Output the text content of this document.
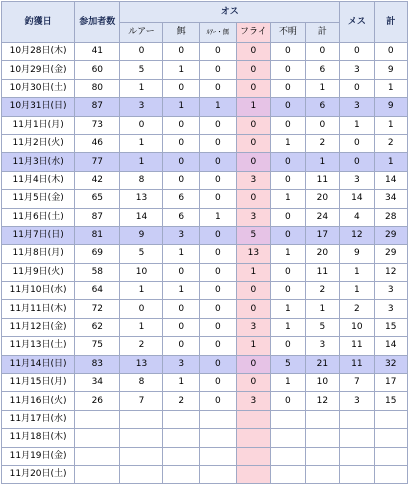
釣獲日	参加者数	オス						メス	計
		ルアー	餌	ﾙｱｰ・餌	フライ	不明	計		
10月28日(木)	41	0	0	0	0	0	0	0	0
10月29日(金)	60	5	1	0	0	0	6	3	9
10月30日(土)	80	1	0	0	0	0	1	0	1
10月31日(日)	87	3	1	1	1	0	6	3	9
11月1日(月)	73	0	0	0	0	0	0	1	1
11月2日(火)	46	1	0	0	0	1	2	0	2
11月3日(水)	77	1	0	0	0	0	1	0	1
11月4日(木)	42	8	0	0	3	0	11	3	14
11月5日(金)	65	13	6	0	0	1	20	14	34
11月6日(土)	87	14	6	1	3	0	24	4	28
11月7日(日)	81	9	3	0	5	0	17	12	29
11月8日(月)	69	5	1	0	13	1	20	9	29
11月9日(火)	58	10	0	0	1	0	11	1	12
11月10日(水)	64	1	1	0	0	0	2	1	3
11月11日(木)	72	0	0	0	0	1	1	2	3
11月12日(金)	62	1	0	0	3	1	5	10	15
11月13日(土)	75	2	0	0	1	0	3	11	14
11月14日(日)	83	13	3	0	0	5	21	11	32
11月15日(月)	34	8	1	0	0	1	10	7	17
11月16日(火)	26	7	2	0	3	0	12	3	15
11月17日(水)									
11月18日(木)									
11月19日(金)									
11月20日(土)									
